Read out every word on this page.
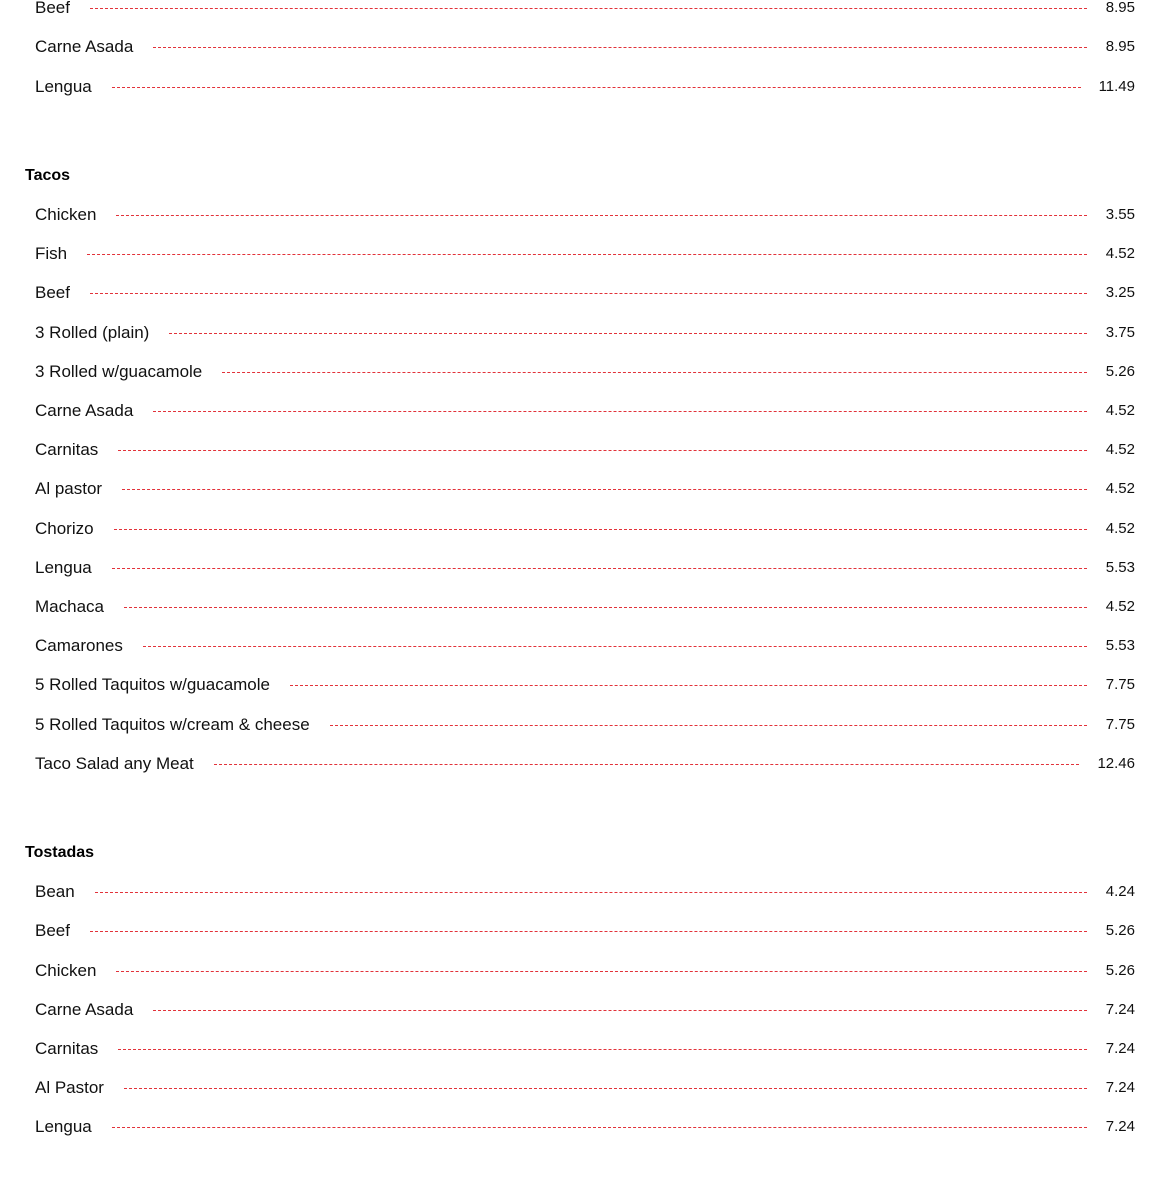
Beef	8.95
Carne Asada	8.95
Lengua	11.49
Tacos
Chicken	3.55
Fish	4.52
Beef	3.25
3 Rolled (plain)	3.75
3 Rolled w/guacamole	5.26
Carne Asada	4.52
Carnitas	4.52
Al pastor	4.52
Chorizo	4.52
Lengua	5.53
Machaca	4.52
Camarones	5.53
5 Rolled Taquitos w/guacamole	7.75
5 Rolled Taquitos w/cream & cheese	7.75
Taco Salad any Meat	12.46
Tostadas
Bean	4.24
Beef	5.26
Chicken	5.26
Carne Asada	7.24
Carnitas	7.24
Al Pastor	7.24
Lengua	7.24
